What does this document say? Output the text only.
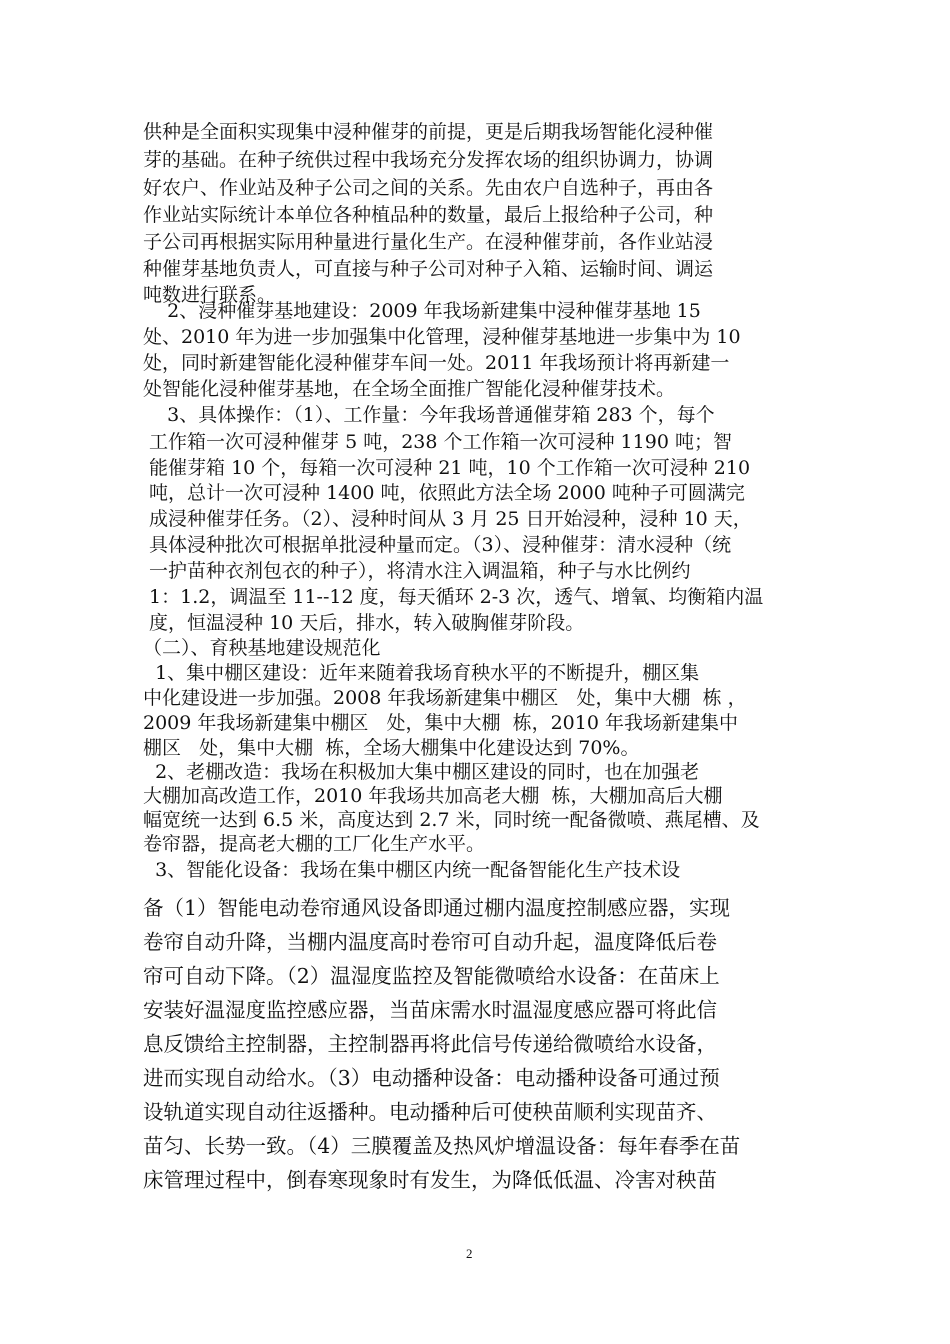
供种是全面积实现集中浸种催芽的前提，更是后期我场智能化浸种催
芽的基础。在种子统供过程中我场充分发挥农场的组织协调力，协调
好农户、作业站及种子公司之间的关系。先由农户自选种子，再由各
作业站实际统计本单位各种植品种的数量，最后上报给种子公司，种
子公司再根据实际用种量进行量化生产。在浸种催芽前，各作业站浸
种催芽基地负责人，可直接与种子公司对种子入箱、运输时间、调运
吨数进行联系。
2、浸种催芽基地建设：2009 年我场新建集中浸种催芽基地 15
处、2010 年为进一步加强集中化管理，浸种催芽基地进一步集中为 10
处，同时新建智能化浸种催芽车间一处。2011 年我场预计将再新建一
处智能化浸种催芽基地，在全场全面推广智能化浸种催芽技术。
3、具体操作：（1）、工作量：今年我场普通催芽箱 283 个，每个
工作箱一次可浸种催芽 5 吨，238 个工作箱一次可浸种 1190 吨；智
能催芽箱 10 个，每箱一次可浸种 21 吨，10 个工作箱一次可浸种 210
吨，总计一次可浸种 1400 吨，依照此方法全场 2000 吨种子可圆满完
成浸种催芽任务。（2）、浸种时间从 3 月 25 日开始浸种，浸种 10 天，
具体浸种批次可根据单批浸种量而定。（3）、浸种催芽：清水浸种（统
一护苗种衣剂包衣的种子），将清水注入调温箱，种子与水比例约
1：1.2，调温至 11--12 度，每天循环 2-3 次，透气、增氧、均衡箱内温
度，恒温浸种 10 天后，排水，转入破胸催芽阶段。
（二）、育秧基地建设规范化
1、集中棚区建设：近年来随着我场育秧水平的不断提升，棚区集
中化建设进一步加强。2008 年我场新建集中棚区   处，集中大棚  栋 ，
2009 年我场新建集中棚区   处，集中大棚  栋，2010 年我场新建集中
棚区   处，集中大棚  栋，全场大棚集中化建设达到 70%。
2、老棚改造：我场在积极加大集中棚区建设的同时，也在加强老
大棚加高改造工作，2010 年我场共加高老大棚  栋，大棚加高后大棚
幅宽统一达到 6.5 米，高度达到 2.7 米，同时统一配备微喷、燕尾槽、及
卷帘器，提高老大棚的工厂化生产水平。
3、智能化设备：我场在集中棚区内统一配备智能化生产技术设
备（1）智能电动卷帘通风设备即通过棚内温度控制感应器，实现
卷帘自动升降，当棚内温度高时卷帘可自动升起，温度降低后卷
帘可自动下降。（2）温湿度监控及智能微喷给水设备：在苗床上
安装好温湿度监控感应器，当苗床需水时温湿度感应器可将此信
息反馈给主控制器，主控制器再将此信号传递给微喷给水设备，
进而实现自动给水。（3）电动播种设备：电动播种设备可通过预
设轨道实现自动往返播种。电动播种后可使秧苗顺利实现苗齐、
苗匀、长势一致。（4）三膜覆盖及热风炉增温设备：每年春季在苗
床管理过程中，倒春寒现象时有发生，为降低低温、冷害对秧苗
2
